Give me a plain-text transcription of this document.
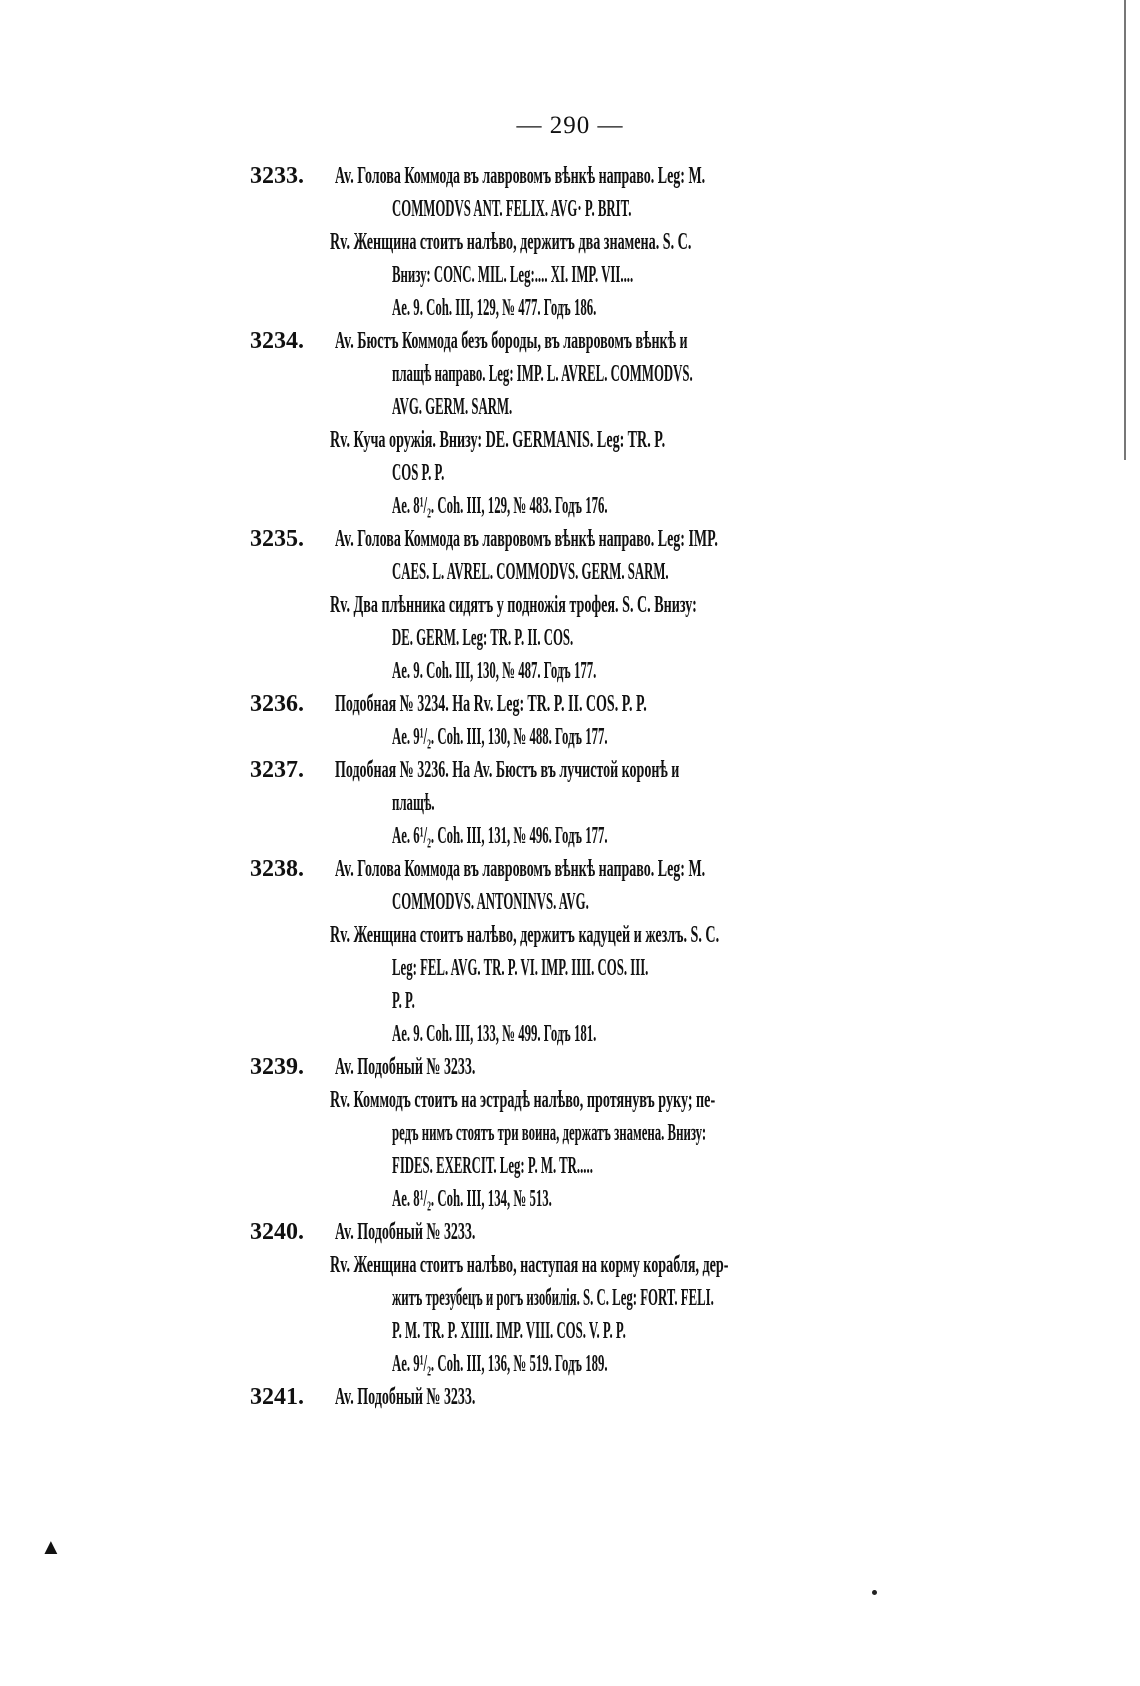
— 290 —
3233. Av. Голова Коммода въ лавровомъ вѣнкѣ направо. Leg: M.
COMMODVS ANT. FELIX. AVG· P. BRIT.
Rv. Женщина стоитъ налѣво, держитъ два знамена. S. C.
Внизу: CONC. MIL. Leg:.... XI. IMP. VII....
Ae. 9. Coh. III, 129, № 477. Годъ 186.
3234. Av. Бюстъ Коммода безъ бороды, въ лавровомъ вѣнкѣ и
плащѣ направо. Leg: IMP. L. AVREL. COMMODVS.
AVG. GERM. SARM.
Rv. Куча оружія. Внизу: DE. GERMANIS. Leg: TR. P.
COS P. P.
Ae. 8¹/₂. Coh. III, 129, № 483. Годъ 176.
3235. Av. Голова Коммода въ лавровомъ вѣнкѣ направо. Leg: IMP.
CAES. L. AVREL. COMMODVS. GERM. SARM.
Rv. Два плѣнника сидятъ у подножія трофея. S. C. Внизу:
DE. GERM. Leg: TR. P. II. COS.
Ae. 9. Coh. III, 130, № 487. Годъ 177.
3236. Подобная № 3234. На Rv. Leg: TR. P. II. COS. P. P.
Ae. 9¹/₂. Coh. III, 130, № 488. Годъ 177.
3237. Подобная № 3236. На Av. Бюстъ въ лучистой коронѣ и
плащѣ.
Ae. 6¹/₂. Coh. III, 131, № 496. Годъ 177.
3238. Av. Голова Коммода въ лавровомъ вѣнкѣ направо. Leg: M.
COMMODVS. ANTONINVS. AVG.
Rv. Женщина стоитъ налѣво, держитъ кадуцей и жезлъ. S. C.
Leg: FEL. AVG. TR. P. VI. IMP. IIII. COS. III.
P. P.
Ae. 9. Coh. III, 133, № 499. Годъ 181.
3239. Av. Подобный № 3233.
Rv. Коммодъ стоитъ на эстрадѣ налѣво, протянувъ руку; пе-
редъ нимъ стоятъ три воина, держатъ знамена. Внизу:
FIDES. EXERCIT. Leg: P. M. TR.....
Ae. 8¹/₂. Coh. III, 134, № 513.
3240. Av. Подобный № 3233.
Rv. Женщина стоитъ налѣво, наступая на корму корабля, дер-
житъ трезубецъ и рогъ изобилія. S. C. Leg: FORT. FELI.
P. M. TR. P. XIIII. IMP. VIII. COS. V. P. P.
Ae. 9¹/₂. Coh. III, 136, № 519. Годъ 189.
3241. Av. Подобный № 3233.
▲
